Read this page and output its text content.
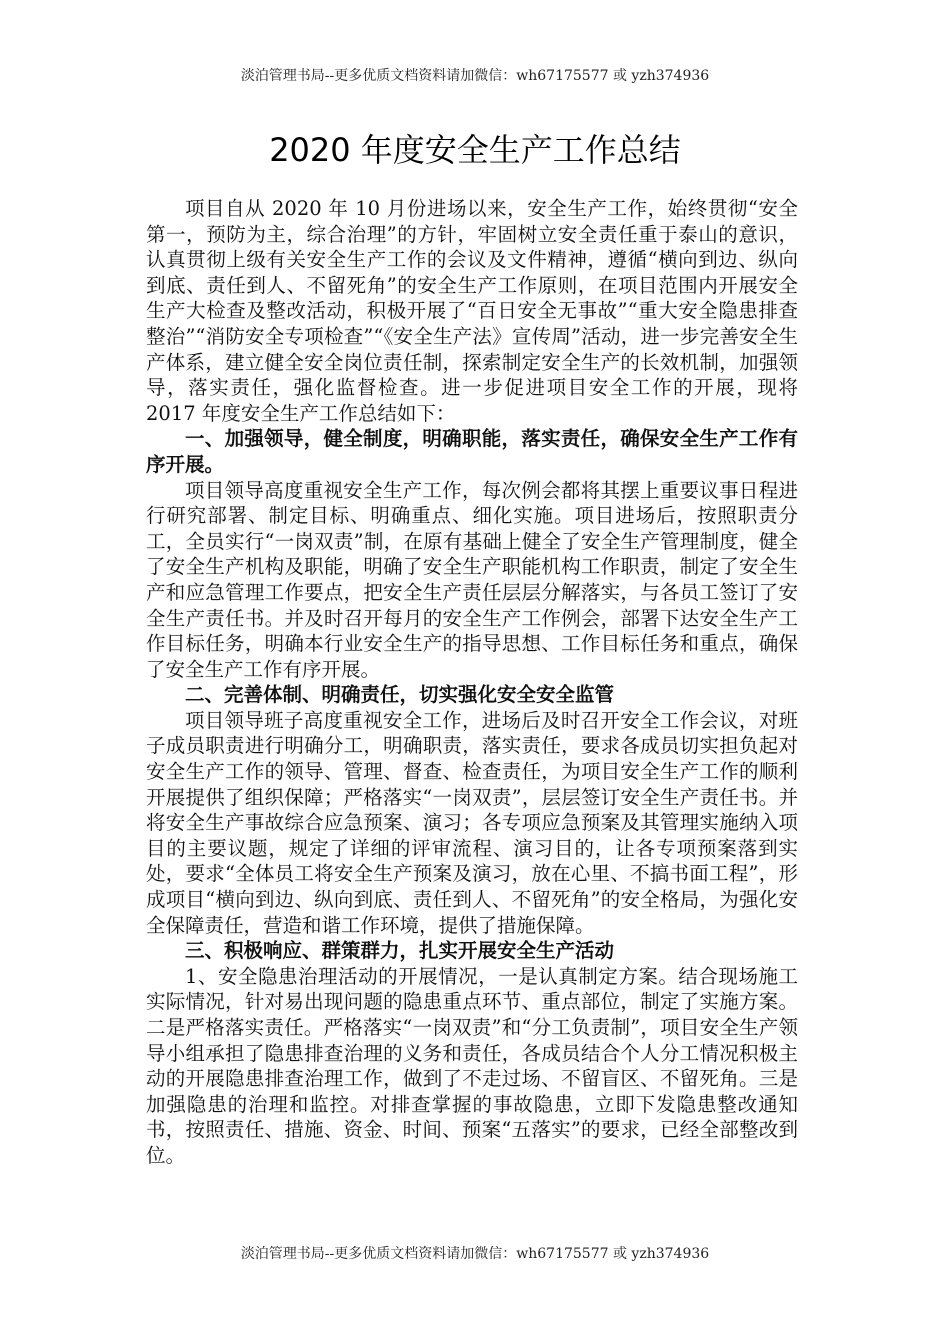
淡泊管理书局--更多优质文档资料请加微信：wh67175577 或 yzh374936
2020 年度安全生产工作总结

项目自从 2020 年 10 月份进场以来，安全生产工作，始终贯彻“安全第一，预防为主，综合治理”的方针，牢固树立安全责任重于泰山的意识，认真贯彻上级有关安全生产工作的会议及文件精神，遵循“横向到边、纵向到底、责任到人、不留死角”的安全生产工作原则，在项目范围内开展安全生产大检查及整改活动，积极开展了“百日安全无事故”“重大安全隐患排查整治”“消防安全专项检查”“《安全生产法》宣传周”活动，进一步完善安全生产体系，建立健全安全岗位责任制，探索制定安全生产的长效机制，加强领导，落实责任，强化监督检查。进一步促进项目安全工作的开展，现将 2017 年度安全生产工作总结如下：

一、加强领导，健全制度，明确职能，落实责任，确保安全生产工作有序开展。

项目领导高度重视安全生产工作，每次例会都将其摆上重要议事日程进行研究部署、制定目标、明确重点、细化实施。项目进场后，按照职责分工，全员实行“一岗双责”制，在原有基础上健全了安全生产管理制度，健全了安全生产机构及职能，明确了安全生产职能机构工作职责，制定了安全生产和应急管理工作要点，把安全生产责任层层分解落实，与各员工签订了安全生产责任书。并及时召开每月的安全生产工作例会，部署下达安全生产工作目标任务，明确本行业安全生产的指导思想、工作目标任务和重点，确保了安全生产工作有序开展。

二、完善体制、明确责任，切实强化安全安全监管

项目领导班子高度重视安全工作，进场后及时召开安全工作会议，对班子成员职责进行明确分工，明确职责，落实责任，要求各成员切实担负起对安全生产工作的领导、管理、督查、检查责任，为项目安全生产工作的顺利开展提供了组织保障；严格落实“一岗双责”，层层签订安全生产责任书。并将安全生产事故综合应急预案、演习；各专项应急预案及其管理实施纳入项目的主要议题，规定了详细的评审流程、演习目的，让各专项预案落到实处，要求“全体员工将安全生产预案及演习，放在心里、不搞书面工程”，形成项目“横向到边、纵向到底、责任到人、不留死角”的安全格局，为强化安全保障责任，营造和谐工作环境，提供了措施保障。

三、积极响应、群策群力，扎实开展安全生产活动

1、安全隐患治理活动的开展情况，一是认真制定方案。结合现场施工实际情况，针对易出现问题的隐患重点环节、重点部位，制定了实施方案。二是严格落实责任。严格落实“一岗双责”和“分工负责制”，项目安全生产领导小组承担了隐患排查治理的义务和责任，各成员结合个人分工情况积极主动的开展隐患排查治理工作，做到了不走过场、不留盲区、不留死角。三是加强隐患的治理和监控。对排查掌握的事故隐患，立即下发隐患整改通知书，按照责任、措施、资金、时间、预案“五落实”的要求，已经全部整改到位。

淡泊管理书局--更多优质文档资料请加微信：wh67175577 或 yzh374936
